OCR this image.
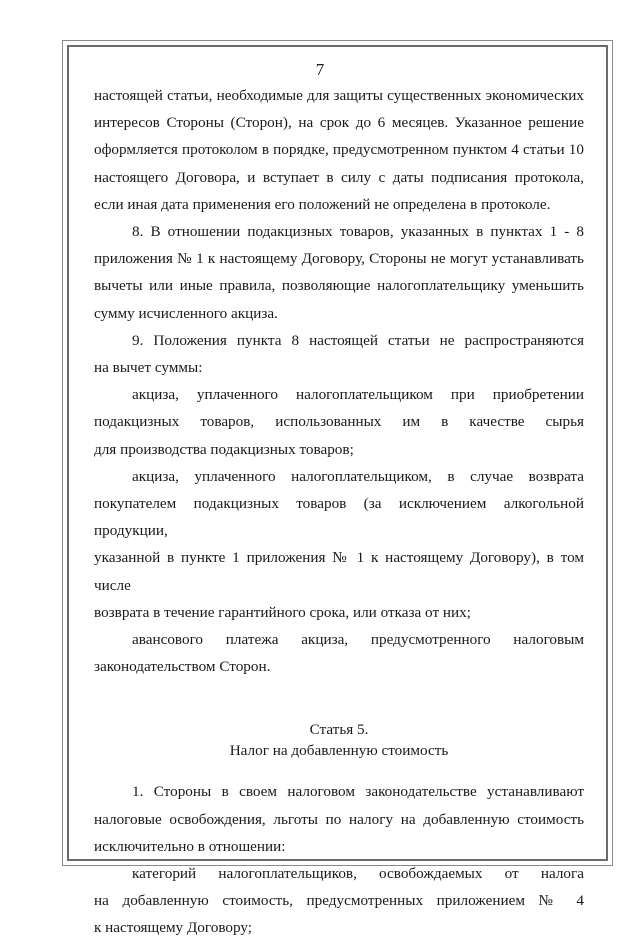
7

настоящей статьи, необходимые для защиты существенных экономических

интересов Стороны (Сторон), на срок до 6 месяцев. Указанное решение

оформляется протоколом в порядке, предусмотренном пунктом 4 статьи 10

настоящего Договора, и вступает в силу с даты подписания протокола,

если иная дата применения его положений не определена в протоколе.

8. В отношении подакцизных товаров, указанных в пунктах 1 - 8

приложения № 1 к настоящему Договору, Стороны не могут устанавливать

вычеты или иные правила, позволяющие налогоплательщику уменьшить

сумму исчисленного акциза.

9. Положения пункта 8 настоящей статьи не распространяются

на вычет суммы:

акциза, уплаченного налогоплательщиком при приобретении

подакцизных товаров, использованных им в качестве сырья

для производства подакцизных товаров;

акциза, уплаченного налогоплательщиком, в случае возврата

покупателем подакцизных товаров (за исключением алкогольной продукции,

указанной в пункте 1 приложения № 1 к настоящему Договору), в том числе

возврата в течение гарантийного срока, или отказа от них;

авансового платежа акциза, предусмотренного налоговым

законодательством Сторон.

Статья 5.

Налог на добавленную стоимость

1. Стороны в своем налоговом законодательстве устанавливают

налоговые освобождения, льготы по налогу на добавленную стоимость

исключительно в отношении:

категорий налогоплательщиков, освобождаемых от налога

на добавленную стоимость, предусмотренных приложением № 4

к настоящему Договору;
